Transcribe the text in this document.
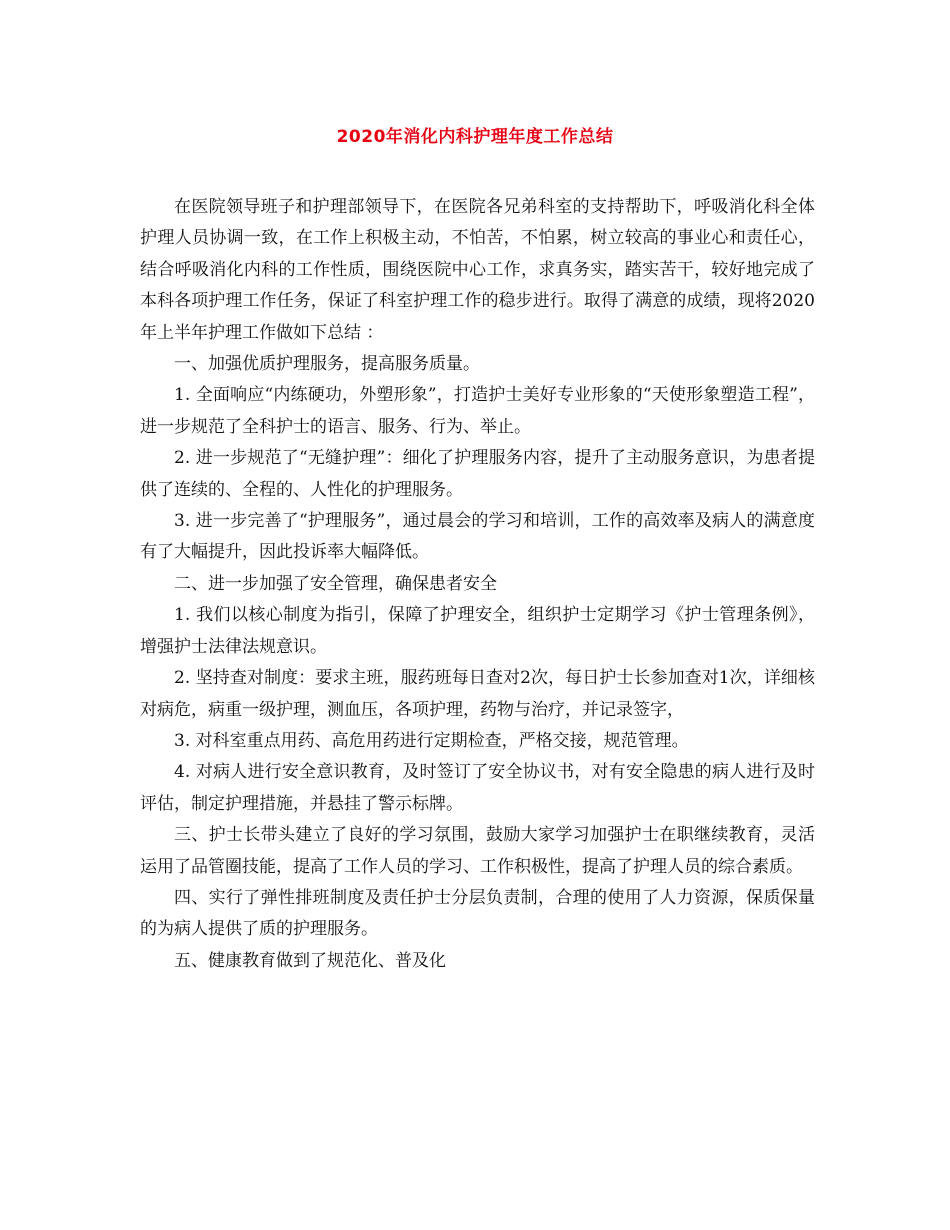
2020年消化内科护理年度工作总结

在医院领导班子和护理部领导下，在医院各兄弟科室的支持帮助下，呼吸消化科全体护理人员协调一致，在工作上积极主动，不怕苦，不怕累，树立较高的事业心和责任心，结合呼吸消化内科的工作性质，围绕医院中心工作，求真务实，踏实苦干，较好地完成了本科各项护理工作任务，保证了科室护理工作的稳步进行。取得了满意的成绩，现将2020年上半年护理工作做如下总结 ：

一、加强优质护理服务，提高服务质量。

1. 全面响应“内练硬功，外塑形象”，打造护士美好专业形象的“天使形象塑造工程”，进一步规范了全科护士的语言、服务、行为、举止。

2. 进一步规范了“无缝护理”：细化了护理服务内容，提升了主动服务意识，为患者提供了连续的、全程的、人性化的护理服务。

3. 进一步完善了“护理服务”，通过晨会的学习和培训，工作的高效率及病人的满意度有了大幅提升，因此投诉率大幅降低。

二、进一步加强了安全管理，确保患者安全

1. 我们以核心制度为指引，保障了护理安全，组织护士定期学习《护士管理条例》，增强护士法律法规意识。

2. 坚持查对制度：要求主班，服药班每日查对2次，每日护士长参加查对1次，详细核对病危，病重一级护理，测血压，各项护理，药物与治疗，并记录签字，

3. 对科室重点用药、高危用药进行定期检查，严格交接，规范管理。

4. 对病人进行安全意识教育，及时签订了安全协议书，对有安全隐患的病人进行及时评估，制定护理措施，并悬挂了警示标牌。

三、护士长带头建立了良好的学习氛围，鼓励大家学习加强护士在职继续教育，灵活运用了品管圈技能，提高了工作人员的学习、工作积极性，提高了护理人员的综合素质。

四、实行了弹性排班制度及责任护士分层负责制，合理的使用了人力资源，保质保量的为病人提供了质的护理服务。

五、健康教育做到了规范化、普及化
